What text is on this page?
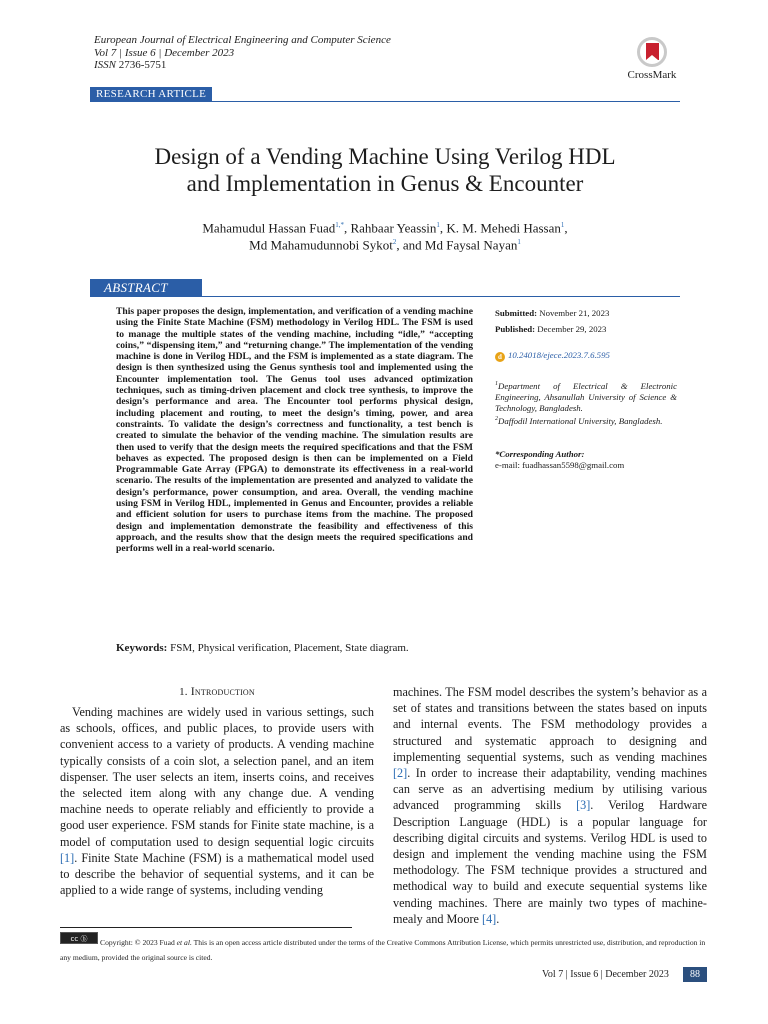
European Journal of Electrical Engineering and Computer Science
Vol 7 | Issue 6 | December 2023
ISSN 2736-5751
CrossMark
RESEARCH ARTICLE
Design of a Vending Machine Using Verilog HDL
and Implementation in Genus & Encounter
Mahamudul Hassan Fuad$^{1,*}$, Rahbaar Yeassin$^1$, K. M. Mehedi Hassan$^1$,
Md Mahamudunnobi Sykot$^2$, and Md Faysal Nayan$^1$
ABSTRACT
This paper proposes the design, implementation, and verification of a vending machine using the Finite State Machine (FSM) methodology in Verilog HDL. The FSM is used to manage the multiple states of the vending machine, including “idle,” “accepting coins,” “dispensing item,” and “returning change.” The implementation of the vending machine is done in Verilog HDL, and the FSM is implemented as a state diagram. The design is then synthesized using the Genus synthesis tool and implemented using the Encounter implementation tool. The Genus tool uses advanced optimization techniques, such as timing-driven placement and clock tree synthesis, to improve the design’s performance and area. The Encounter tool performs physical design, including placement and routing, to meet the design’s timing, power, and area constraints. To validate the design’s correctness and functionality, a test bench is created to simulate the behavior of the vending machine. The simulation results are then used to verify that the design meets the required specifications and that the FSM behaves as expected. The proposed design is then can be implemented on a Field Programmable Gate Array (FPGA) to demonstrate its effectiveness in a real-world scenario. The results of the implementation are presented and analyzed to validate the design’s performance, power consumption, and area. Overall, the vending machine using FSM in Verilog HDL, implemented in Genus and Encounter, provides a reliable and efficient solution for users to purchase items from the machine. The proposed design and implementation demonstrate the feasibility and effectiveness of this approach, and the results show that the design meets the required specifications and performs well in a real-world scenario.
Submitted: November 21, 2023
Published: December 29, 2023
d 10.24018/ejece.2023.7.6.595
$^1$Department of Electrical & Electronic Engineering, Ahsanullah University of Science & Technology, Bangladesh.
$^2$Daffodil International University, Bangladesh.
*Corresponding Author:
e-mail: fuadhassan5598@gmail.com
Keywords: FSM, Physical verification, Placement, State diagram.
1. Introduction
Vending machines are widely used in various settings, such as schools, offices, and public places, to provide users with convenient access to a variety of products. A vending machine typically consists of a coin slot, a selection panel, and an item dispenser. The user selects an item, inserts coins, and receives the selected item along with any change due. A vending machine needs to operate reliably and efficiently to provide a good user experience. FSM stands for Finite state machine, is a model of computation used to design sequential logic circuits [1]. Finite State Machine (FSM) is a mathematical model used to describe the behavior of sequential systems, and it can be applied to a wide range of systems, including vending
machines. The FSM model describes the system’s behavior as a set of states and transitions between the states based on inputs and internal events. The FSM methodology provides a structured and systematic approach to designing and implementing sequential systems, such as vending machines [2]. In order to increase their adaptability, vending machines can serve as an advertising medium by utilising various advanced programming skills [3]. Verilog Hardware Description Language (HDL) is a popular language for describing digital circuits and systems. Verilog HDL is used to design and implement the vending machine using the FSM methodology. The FSM technique provides a structured and methodical way to build and execute sequential systems like vending machines. There are mainly two types of machine-mealy and Moore [4].
cc ⓑ	Copyright: © 2023 Fuad et al. This is an open access article distributed under the terms of the Creative Commons Attribution License, which permits unrestricted use, distribution, and reproduction in any medium, provided the original source is cited.
Vol 7 | Issue 6 | December 2023	88
